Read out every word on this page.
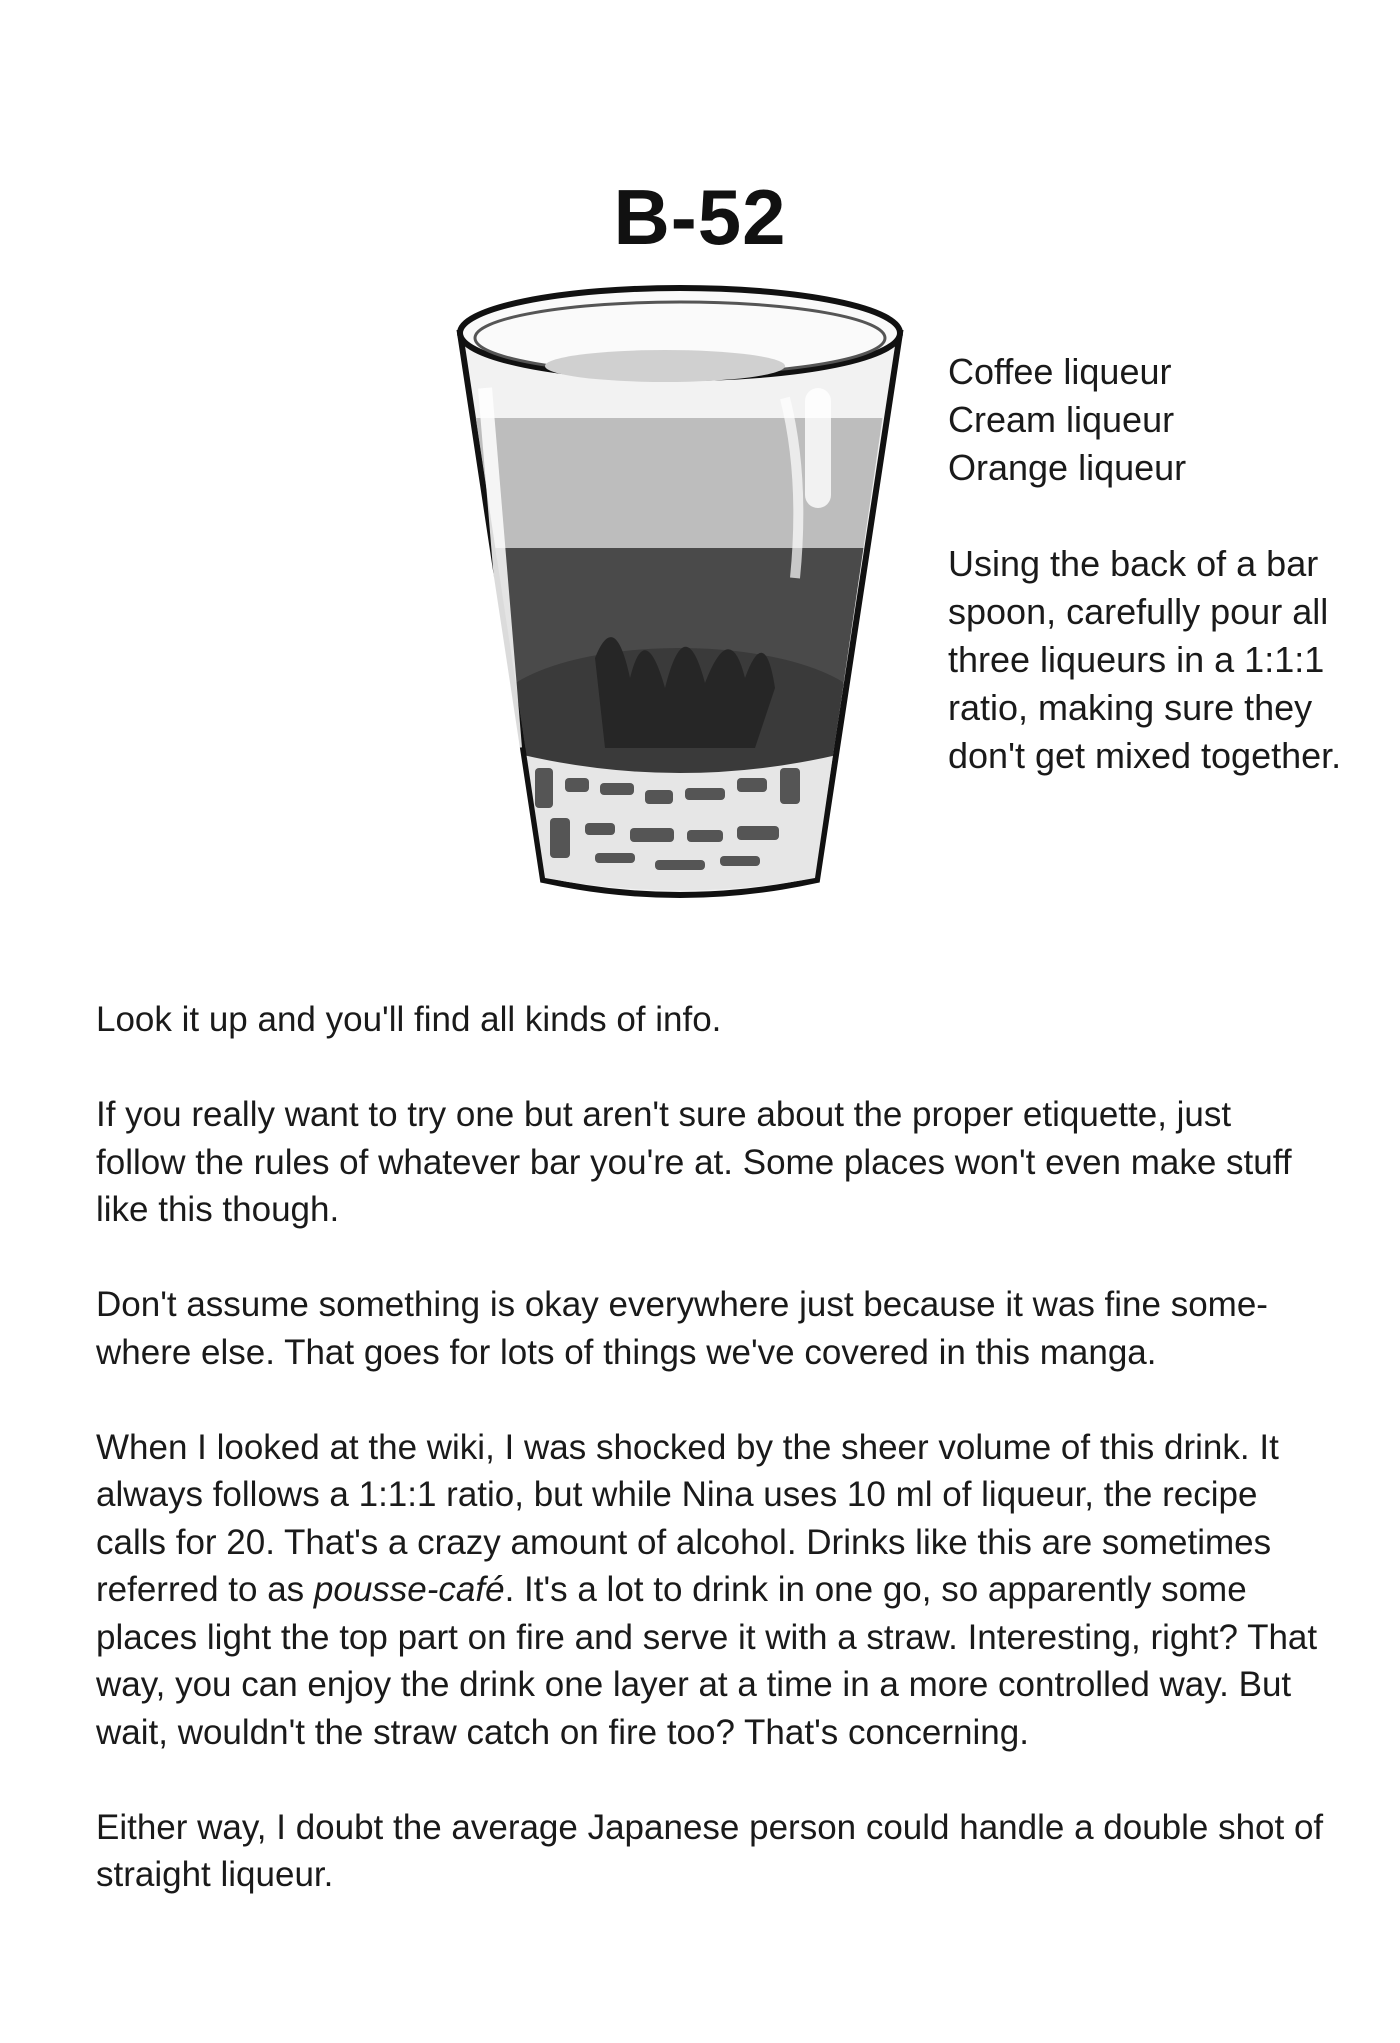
B-52

Coffee liqueur

Cream liqueur

Orange liqueur

Using the back of a bar spoon, carefully pour all three liqueurs in a 1:1:1 ratio, making sure they don't get mixed together.

Look it up and you'll find all kinds of info.

If you really want to try one but aren't sure about the proper etiquette, just follow the rules of whatever bar you're at. Some places won't even make stuff like this though.

Don't assume something is okay everywhere just because it was fine some-where else. That goes for lots of things we've covered in this manga.

When I looked at the wiki, I was shocked by the sheer volume of this drink. It always follows a 1:1:1 ratio, but while Nina uses 10 ml of liqueur, the recipe calls for 20. That's a crazy amount of alcohol. Drinks like this are sometimes referred to as pousse-café. It's a lot to drink in one go, so apparently some places light the top part on fire and serve it with a straw. Interesting, right? That way, you can enjoy the drink one layer at a time in a more controlled way. But wait, wouldn't the straw catch on fire too? That's concerning.

Either way, I doubt the average Japanese person could handle a double shot of straight liqueur.
